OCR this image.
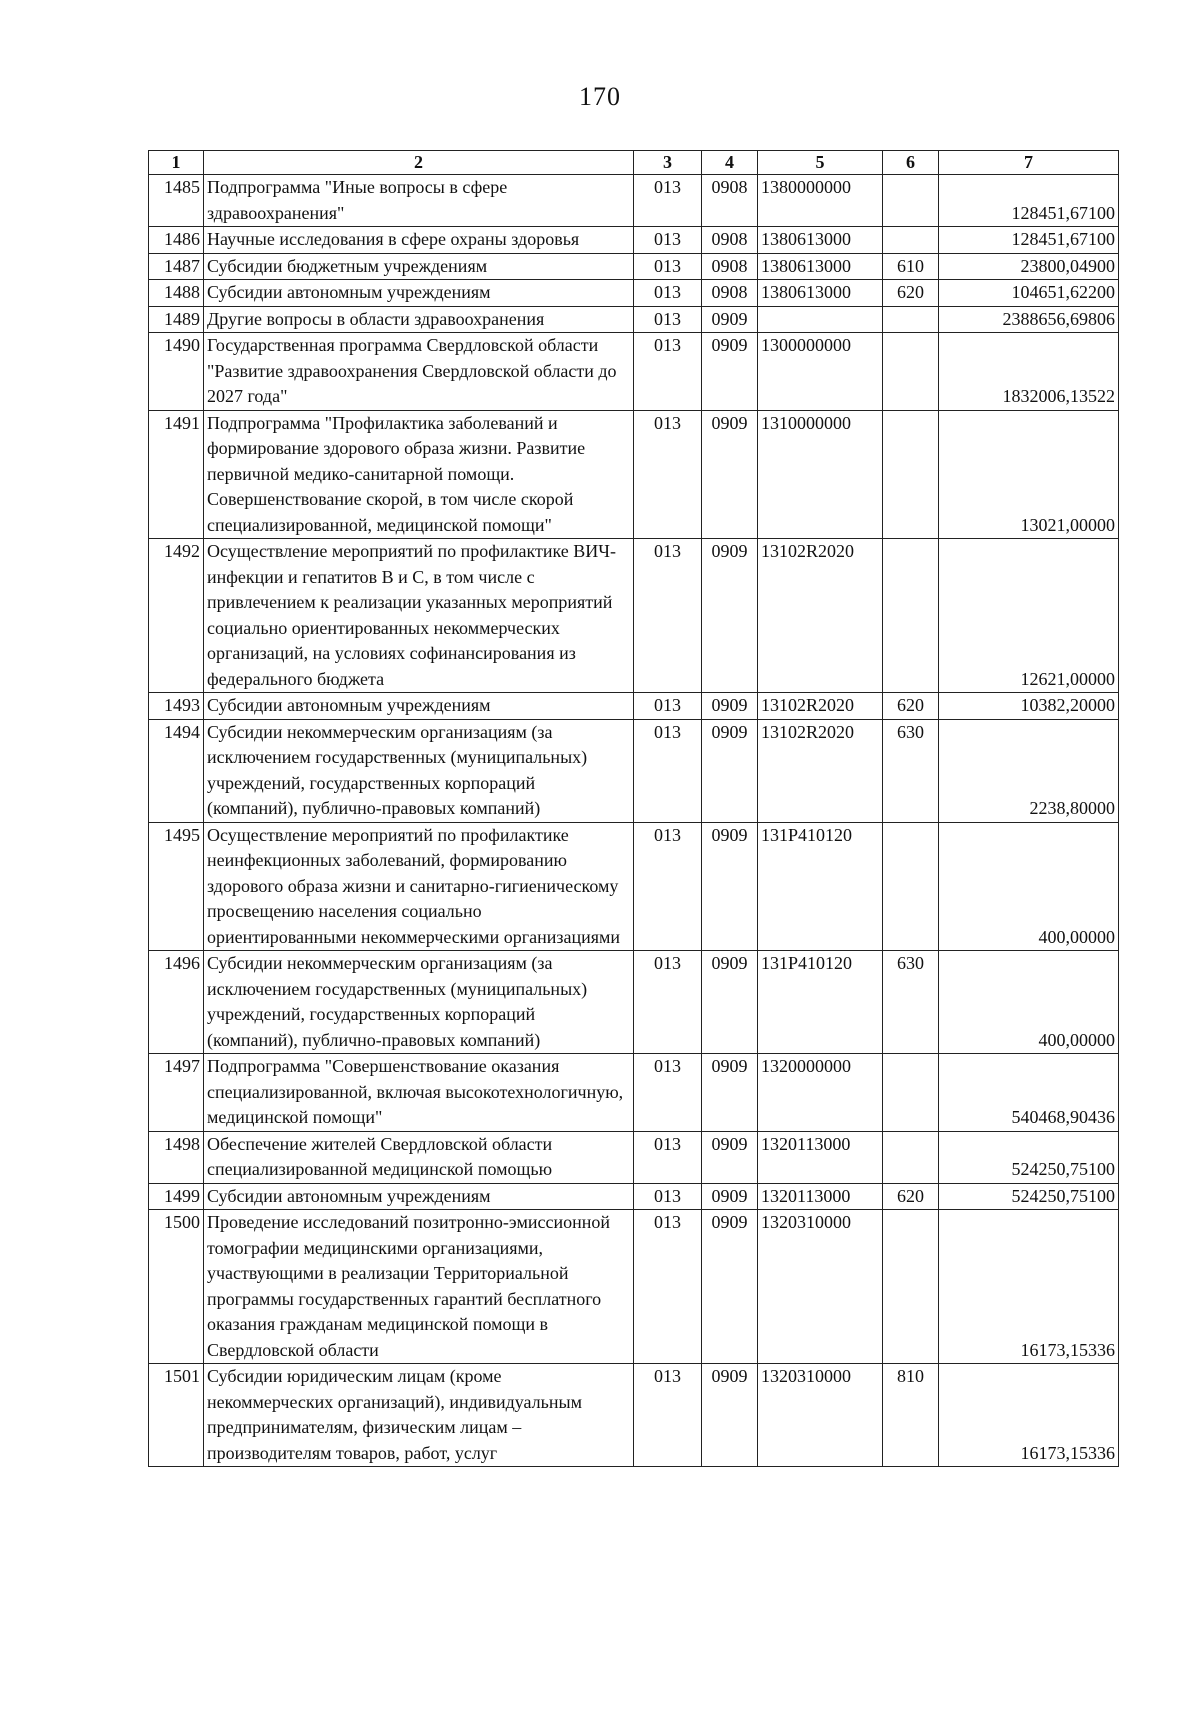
170
1	2	3	4	5	6	7
1485	Подпрограмма "Иные вопросы в сфере здравоохранения"	013	0908	1380000000		128451,67100
1486	Научные исследования в сфере охраны здоровья	013	0908	1380613000		128451,67100
1487	Субсидии бюджетным учреждениям	013	0908	1380613000	610	23800,04900
1488	Субсидии автономным учреждениям	013	0908	1380613000	620	104651,62200
1489	Другие вопросы в области здравоохранения	013	0909			2388656,69806
1490	Государственная программа Свердловской области "Развитие здравоохранения Свердловской области до 2027 года"	013	0909	1300000000		1832006,13522
1491	Подпрограмма "Профилактика заболеваний и формирование здорового образа жизни. Развитие первичной медико-санитарной помощи. Совершенствование скорой, в том числе скорой специализированной, медицинской помощи"	013	0909	1310000000		13021,00000
1492	Осуществление мероприятий по профилактике ВИЧ-инфекции и гепатитов В и С, в том числе с привлечением к реализации указанных мероприятий социально ориентированных некоммерческих организаций, на условиях софинансирования из федерального бюджета	013	0909	13102R2020		12621,00000
1493	Субсидии автономным учреждениям	013	0909	13102R2020	620	10382,20000
1494	Субсидии некоммерческим организациям (за исключением государственных (муниципальных) учреждений, государственных корпораций (компаний), публично-правовых компаний)	013	0909	13102R2020	630	2238,80000
1495	Осуществление мероприятий по профилактике неинфекционных заболеваний, формированию здорового образа жизни и санитарно-гигиеническому просвещению населения социально ориентированными некоммерческими организациями	013	0909	131P410120		400,00000
1496	Субсидии некоммерческим организациям (за исключением государственных (муниципальных) учреждений, государственных корпораций (компаний), публично-правовых компаний)	013	0909	131P410120	630	400,00000
1497	Подпрограмма "Совершенствование оказания специализированной, включая высокотехнологичную, медицинской помощи"	013	0909	1320000000		540468,90436
1498	Обеспечение жителей Свердловской области специализированной медицинской помощью	013	0909	1320113000		524250,75100
1499	Субсидии автономным учреждениям	013	0909	1320113000	620	524250,75100
1500	Проведение исследований позитронно-эмиссионной томографии медицинскими организациями, участвующими в реализации Территориальной программы государственных гарантий бесплатного оказания гражданам медицинской помощи в Свердловской области	013	0909	1320310000		16173,15336
1501	Субсидии юридическим лицам (кроме некоммерческих организаций), индивидуальным предпринимателям, физическим лицам – производителям товаров, работ, услуг	013	0909	1320310000	810	16173,15336
